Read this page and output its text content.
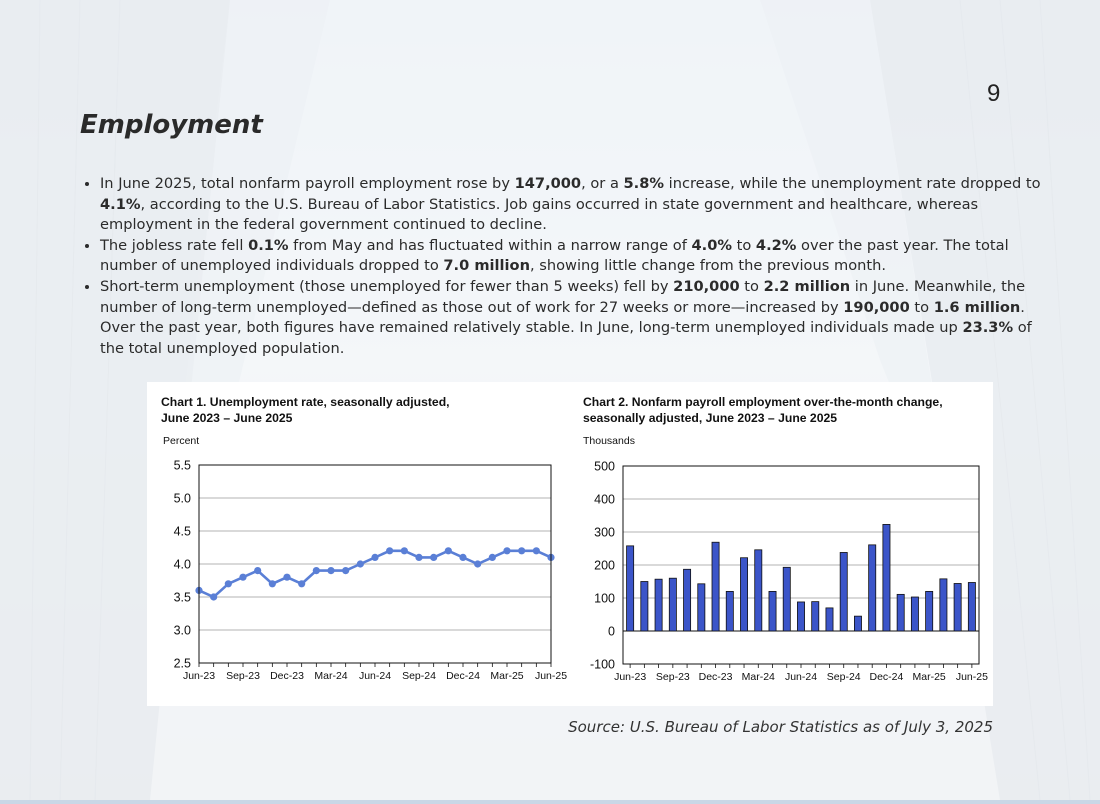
9
Employment
• In June 2025, total nonfarm payroll employment rose by 147,000, or a 5.8% increase, while the unemployment rate dropped to 4.1%, according to the U.S. Bureau of Labor Statistics. Job gains occurred in state government and healthcare, whereas employment in the federal government continued to decline.
• The jobless rate fell 0.1% from May and has fluctuated within a narrow range of 4.0% to 4.2% over the past year. The total number of unemployed individuals dropped to 7.0 million, showing little change from the previous month.
• Short-term unemployment (those unemployed for fewer than 5 weeks) fell by 210,000 to 2.2 million in June. Meanwhile, the number of long-term unemployed—defined as those out of work for 27 weeks or more—increased by 190,000 to 1.6 million. Over the past year, both figures have remained relatively stable. In June, long-term unemployed individuals made up 23.3% of the total unemployed population.
Chart 1. Unemployment rate, seasonally adjusted,
June 2023 – June 2025
Percent
2.5
3.0
3.5
4.0
4.5
5.0
5.5
Jun-23 Sep-23 Dec-23 Mar-24 Jun-24 Sep-24 Dec-24 Mar-25 Jun-25
Chart 2. Nonfarm payroll employment over-the-month change,
seasonally adjusted, June 2023 – June 2025
Thousands
-100
0
100
200
300
400
500
Jun-23 Sep-23 Dec-23 Mar-24 Jun-24 Sep-24 Dec-24 Mar-25 Jun-25
Source: U.S. Bureau of Labor Statistics as of July 3, 2025
